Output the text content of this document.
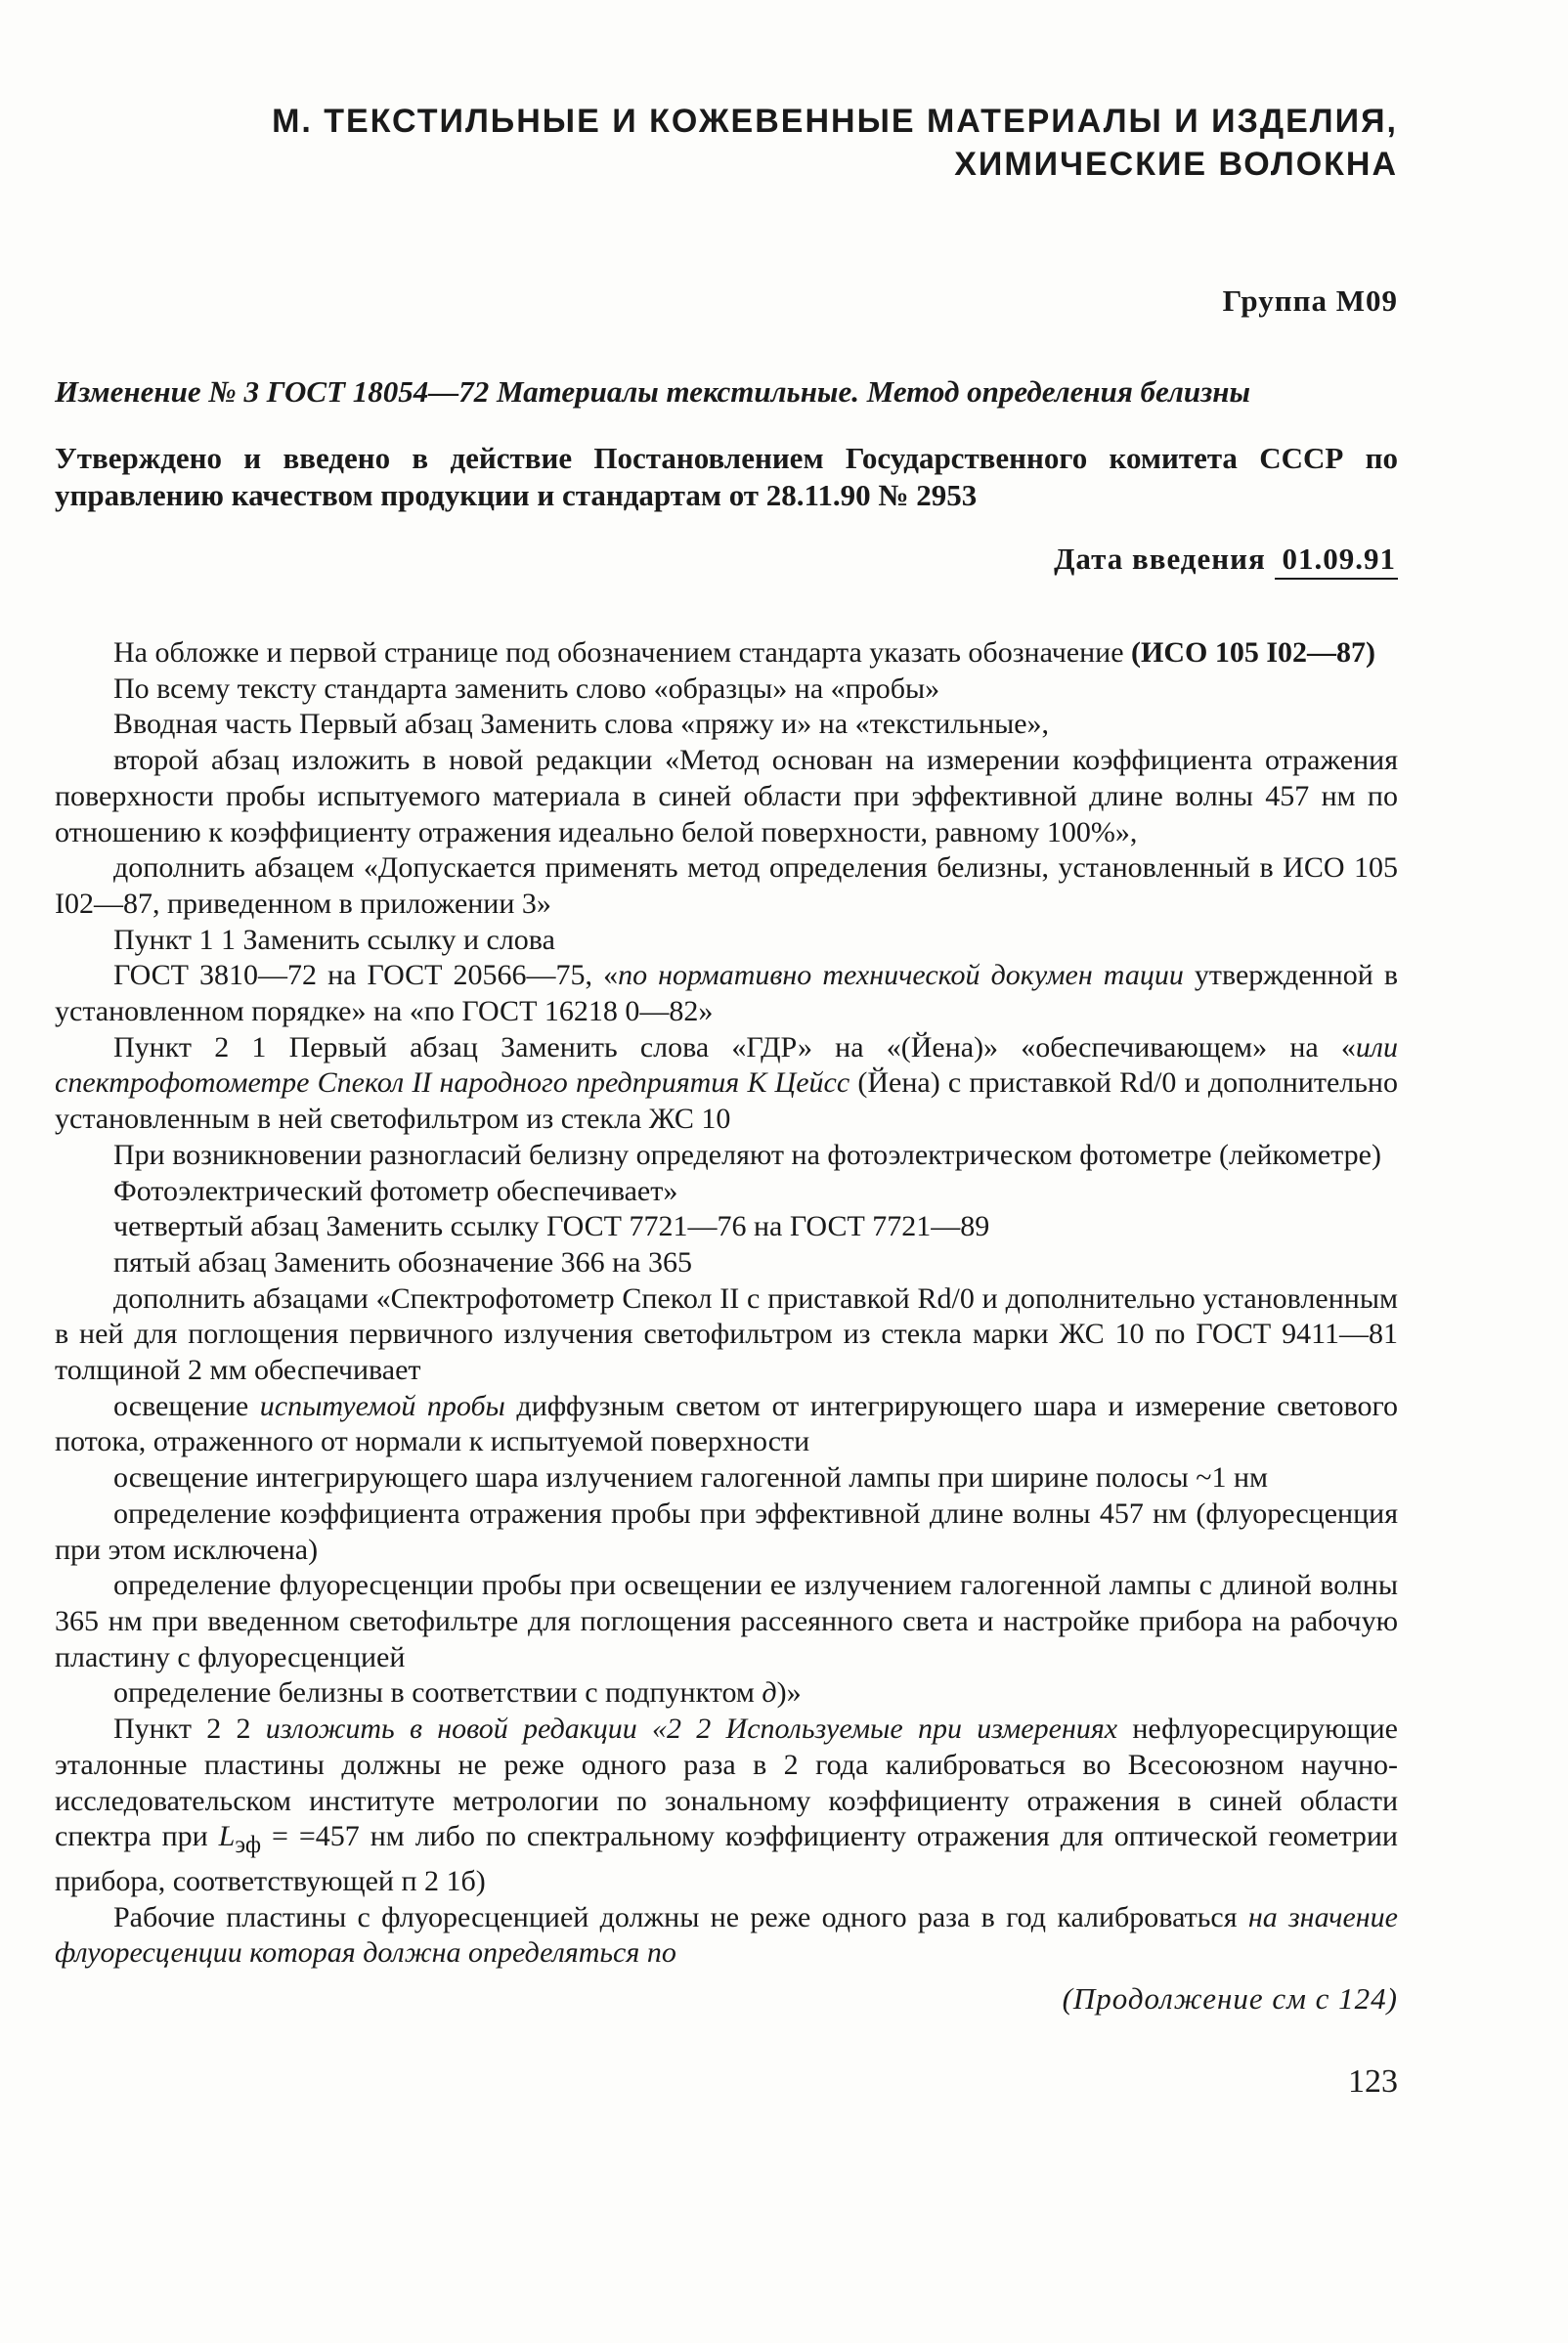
М. ТЕКСТИЛЬНЫЕ И КОЖЕВЕННЫЕ МАТЕРИАЛЫ И ИЗДЕЛИЯ,
ХИМИЧЕСКИЕ ВОЛОКНА
Группа М09
Изменение № 3 ГОСТ 18054—72 Материалы текстильные. Метод определения белизны
Утверждено и введено в действие Постановлением Государственного комитета СССР по управлению качеством продукции и стандартам от 28.11.90 № 2953
Дата введения 01.09.91

На обложке и первой странице под обозначением стандарта указать обозначение (ИСО 105 I02—87)

По всему тексту стандарта заменить слово «образцы» на «пробы»

Вводная часть Первый абзац Заменить слова «пряжу и» на «текстильные»,

второй абзац изложить в новой редакции «Метод основан на измерении коэффициента отражения поверхности пробы испытуемого материала в синей области при эффективной длине волны 457 нм по отношению к коэффициенту отражения идеально белой поверхности, равному 100%»,

дополнить абзацем «Допускается применять метод определения белизны, установленный в ИСО 105 I02—87, приведенном в приложении 3»

Пункт 1 1 Заменить ссылку и слова

ГОСТ 3810—72 на ГОСТ 20566—75, «по нормативно технической докумен тации утвержденной в установленном порядке» на «по ГОСТ 16218 0—82»

Пункт 2 1 Первый абзац Заменить слова «ГДР» на «(Йена)» «обеспечивающем» на «или спектрофотометре Спекол II народного предприятия К Цейсс (Йена) с приставкой Rd/0 и дополнительно установленным в ней светофильтром из стекла ЖС 10

При возникновении разногласий белизну определяют на фотоэлектрическом фотометре (лейкометре)

Фотоэлектрический фотометр обеспечивает»

четвертый абзац Заменить ссылку ГОСТ 7721—76 на ГОСТ 7721—89

пятый абзац Заменить обозначение 366 на 365

дополнить абзацами «Спектрофотометр Спекол II с приставкой Rd/0 и дополнительно установленным в ней для поглощения первичного излучения светофильтром из стекла марки ЖС 10 по ГОСТ 9411—81 толщиной 2 мм обеспечивает

освещение испытуемой пробы диффузным светом от интегрирующего шара и измерение светового потока, отраженного от нормали к испытуемой поверхности

освещение интегрирующего шара излучением галогенной лампы при ширине полосы ~1 нм

определение коэффициента отражения пробы при эффективной длине волны 457 нм (флуоресценция при этом исключена)

определение флуоресценции пробы при освещении ее излучением галогенной лампы с длиной волны 365 нм при введенном светофильтре для поглощения рассеянного света и настройке прибора на рабочую пластину с флуоресценцией

определение белизны в соответствии с подпунктом д)»

Пункт 2 2 изложить в новой редакции «2 2 Используемые при измерениях нефлуоресцирующие эталонные пластины должны не реже одного раза в 2 года калиброваться во Всесоюзном научно-исследовательском институте метрологии по зональному коэффициенту отражения в синей области спектра при $L_{эф} = =457$ нм либо по спектральному коэффициенту отражения для оптической геометрии прибора, соответствующей п 2 1б)

Рабочие пластины с флуоресценцией должны не реже одного раза в год калиброваться на значение флуоресценции которая должна определяться по

(Продолжение см с 124)
123
